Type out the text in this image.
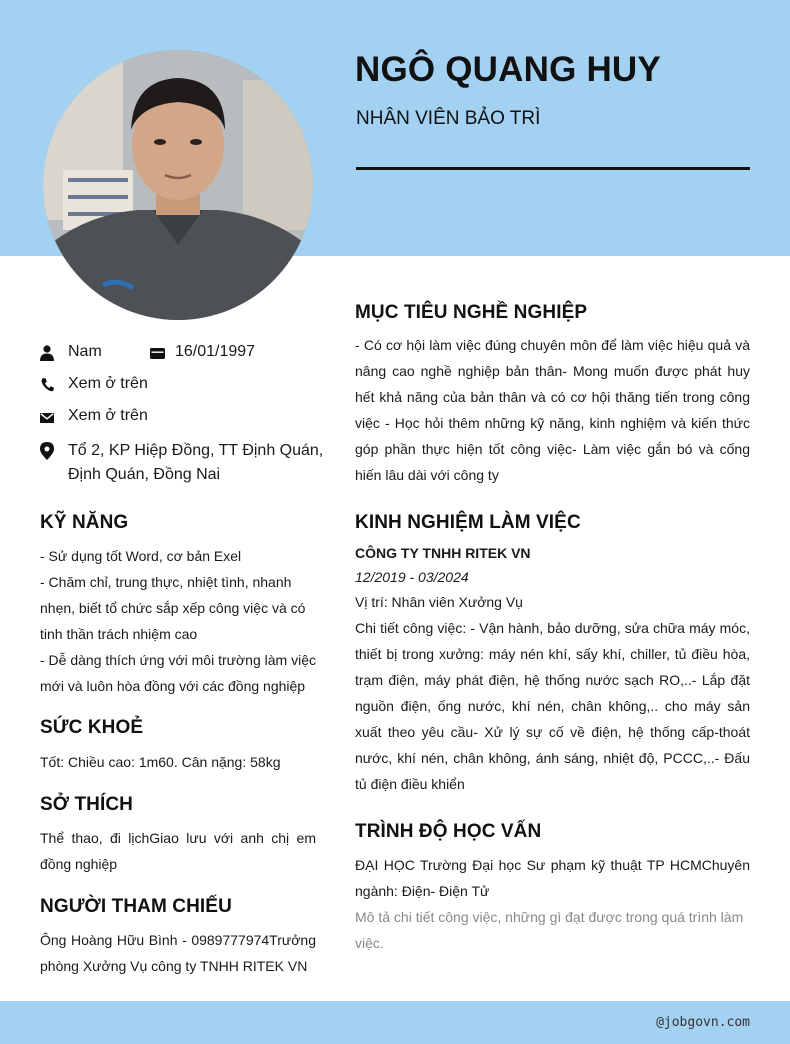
NGÔ QUANG HUY
NHÂN VIÊN BẢO TRÌ
Nam	16/01/1997
Xem ở trên
Xem ở trên
Tổ 2, KP Hiệp Đồng, TT Định Quán,
Định Quán, Đồng Nai
KỸ NĂNG
- Sử dụng tốt Word, cơ bản Exel
- Chăm chỉ, trung thực, nhiệt tình, nhanh nhẹn, biết tổ chức sắp xếp công việc và có tinh thần trách nhiệm cao
- Dễ dàng thích ứng với môi trường làm việc mới và luôn hòa đồng với các đồng nghiệp
SỨC KHOẺ
Tốt: Chiều cao: 1m60. Cân nặng: 58kg
SỞ THÍCH
Thể thao, đi lịchGiao lưu với anh chị em đồng nghiệp
NGƯỜI THAM CHIẾU
Ông Hoàng Hữu Bình - 0989777974Trưởng phòng Xưởng Vụ công ty TNHH RITEK VN
MỤC TIÊU NGHỀ NGHIỆP
- Có cơ hội làm việc đúng chuyên môn để làm việc hiệu quả và nâng cao nghề nghiệp bản thân- Mong muốn được phát huy hết khả năng của bản thân và có cơ hội thăng tiến trong công việc - Học hỏi thêm những kỹ năng, kinh nghiệm và kiến thức góp phần thực hiện tốt công việc- Làm việc gắn bó và cống hiến lâu dài với công ty
KINH NGHIỆM LÀM VIỆC
CÔNG TY TNHH RITEK VN
12/2019 - 03/2024
Vị trí: Nhân viên Xưởng Vụ
Chi tiết công việc: - Vận hành, bảo dưỡng, sửa chữa máy móc, thiết bị trong xưởng: máy nén khí, sấy khí, chiller, tủ điều hòa, trạm điện, máy phát điện, hệ thống nước sạch RO,..- Lắp đặt nguồn điện, ống nước, khí nén, chân không,.. cho máy sản xuất theo yêu cầu- Xử lý sự cố về điện, hệ thống cấp-thoát nước, khí nén, chân không, ánh sáng, nhiệt độ, PCCC,..- Đấu tủ điện điều khiển
TRÌNH ĐỘ HỌC VẤN
ĐẠI HỌC Trường Đại học Sư phạm kỹ thuật TP HCMChuyên ngành: Điện- Điện Tử
Mô tả chi tiết công việc, những gì đạt được trong quá trình làm việc.
@jobgovn.com
